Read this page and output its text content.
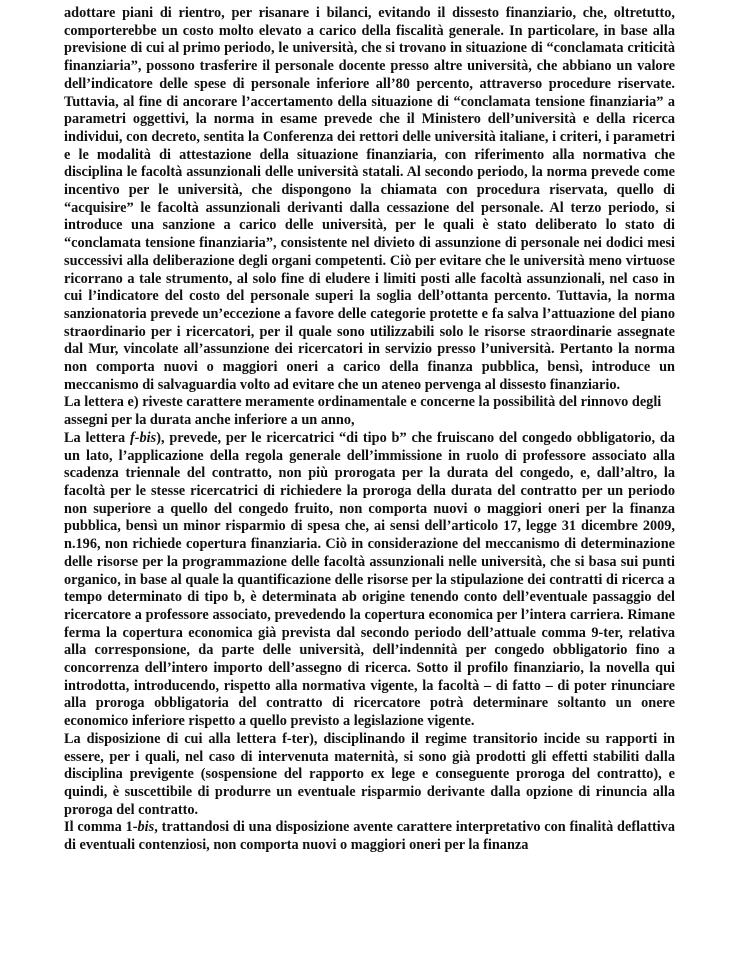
adottare piani di rientro, per risanare i bilanci, evitando il dissesto finanziario, che, oltretutto, comporterebbe un costo molto elevato a carico della fiscalità generale. In particolare, in base alla previsione di cui al primo periodo, le università, che si trovano in situazione di “conclamata criticità finanziaria”, possono trasferire il personale docente presso altre università, che abbiano un valore dell’indicatore delle spese di personale inferiore all’80 percento, attraverso procedure riservate. Tuttavia, al fine di ancorare l’accertamento della situazione di “conclamata tensione finanziaria” a parametri oggettivi, la norma in esame prevede che il Ministero dell’università e della ricerca individui, con decreto, sentita la Conferenza dei rettori delle università italiane, i criteri, i parametri e le modalità di attestazione della situazione finanziaria, con riferimento alla normativa che disciplina le facoltà assunzionali delle università statali. Al secondo periodo, la norma prevede come incentivo per le università, che dispongono la chiamata con procedura riservata, quello di “acquisire” le facoltà assunzionali derivanti dalla cessazione del personale. Al terzo periodo, si introduce una sanzione a carico delle università, per le quali è stato deliberato lo stato di “conclamata tensione finanziaria”, consistente nel divieto di assunzione di personale nei dodici mesi successivi alla deliberazione degli organi competenti. Ciò per evitare che le università meno virtuose ricorrano a tale strumento, al solo fine di eludere i limiti posti alle facoltà assunzionali, nel caso in cui l’indicatore del costo del personale superi la soglia dell’ottanta percento. Tuttavia, la norma sanzionatoria prevede un’eccezione a favore delle categorie protette e fa salva l’attuazione del piano straordinario per i ricercatori, per il quale sono utilizzabili solo le risorse straordinarie assegnate dal Mur, vincolate all’assunzione dei ricercatori in servizio presso l’università. Pertanto la norma non comporta nuovi o maggiori oneri a carico della finanza pubblica, bensì, introduce un meccanismo di salvaguardia volto ad evitare che un ateneo pervenga al dissesto finanziario.

La lettera e) riveste carattere meramente ordinamentale e concerne la possibilità del rinnovo degli assegni per la durata anche inferiore a un anno,

La lettera f-bis), prevede, per le ricercatrici “di tipo b” che fruiscano del congedo obbligatorio, da un lato, l’applicazione della regola generale dell’immissione in ruolo di professore associato alla scadenza triennale del contratto, non più prorogata per la durata del congedo, e, dall’altro, la facoltà per le stesse ricercatrici di richiedere la proroga della durata del contratto per un periodo non superiore a quello del congedo fruito, non comporta nuovi o maggiori oneri per la finanza pubblica, bensì un minor risparmio di spesa che, ai sensi dell’articolo 17, legge 31 dicembre 2009, n.196, non richiede copertura finanziaria. Ciò in considerazione del meccanismo di determinazione delle risorse per la programmazione delle facoltà assunzionali nelle università, che si basa sui punti organico, in base al quale la quantificazione delle risorse per la stipulazione dei contratti di ricerca a tempo determinato di tipo b, è determinata ab origine tenendo conto dell’eventuale passaggio del ricercatore a professore associato, prevedendo la copertura economica per l’intera carriera. Rimane ferma la copertura economica già prevista dal secondo periodo dell’attuale comma 9-ter, relativa alla corresponsione, da parte delle università, dell’indennità per congedo obbligatorio fino a concorrenza dell’intero importo dell’assegno di ricerca. Sotto il profilo finanziario, la novella qui introdotta, introducendo, rispetto alla normativa vigente, la facoltà – di fatto – di poter rinunciare alla proroga obbligatoria del contratto di ricercatore potrà determinare soltanto un onere economico inferiore rispetto a quello previsto a legislazione vigente.

La disposizione di cui alla lettera f-ter), disciplinando il regime transitorio incide su rapporti in essere, per i quali, nel caso di intervenuta maternità, si sono già prodotti gli effetti stabiliti dalla disciplina previgente (sospensione del rapporto ex lege e conseguente proroga del contratto), e quindi, è suscettibile di produrre un eventuale risparmio derivante dalla opzione di rinuncia alla proroga del contratto.

Il comma 1-bis, trattandosi di una disposizione avente carattere interpretativo con finalità deflattiva di eventuali contenziosi, non comporta nuovi o maggiori oneri per la finanza
